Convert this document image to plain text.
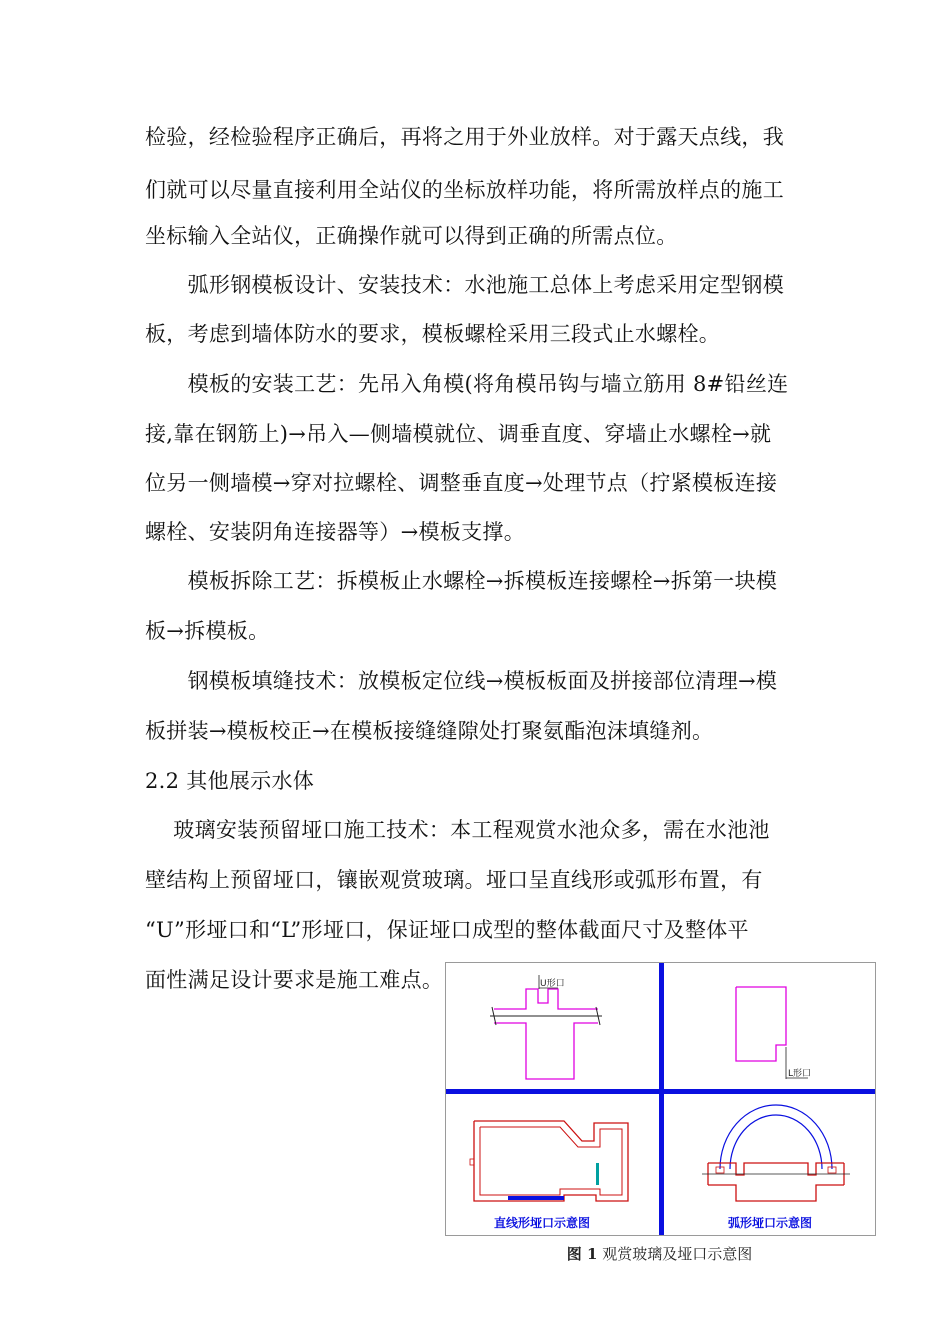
检验，经检验程序正确后，再将之用于外业放样。对于露天点线，我
们就可以尽量直接利用全站仪的坐标放样功能，将所需放样点的施工
坐标输入全站仪，正确操作就可以得到正确的所需点位。
　　弧形钢模板设计、安装技术：水池施工总体上考虑采用定型钢模
板，考虑到墙体防水的要求，模板螺栓采用三段式止水螺栓。
　　模板的安装工艺：先吊入角模(将角模吊钩与墙立筋用 8#铅丝连
接,靠在钢筋上)→吊入—侧墙模就位、调垂直度、穿墙止水螺栓→就
位另一侧墙模→穿对拉螺栓、调整垂直度→处理节点（拧紧模板连接
螺栓、安装阴角连接器等）→模板支撑。
　　模板拆除工艺：拆模板止水螺栓→拆模板连接螺栓→拆第一块模
板→拆模板。
　　钢模板填缝技术：放模板定位线→模板板面及拼接部位清理→模
板拼装→模板校正→在模板接缝缝隙处打聚氨酯泡沫填缝剂。
2.2 其他展示水体
　 玻璃安装预留垭口施工技术：本工程观赏水池众多，需在水池池
壁结构上预留垭口，镶嵌观赏玻璃。垭口呈直线形或弧形布置，有
“U”形垭口和“L”形垭口，保证垭口成型的整体截面尺寸及整体平
面性满足设计要求是施工难点。	U形口
L形口
直线形垭口示意图	弧形垭口示意图
图 1 观赏玻璃及垭口示意图
